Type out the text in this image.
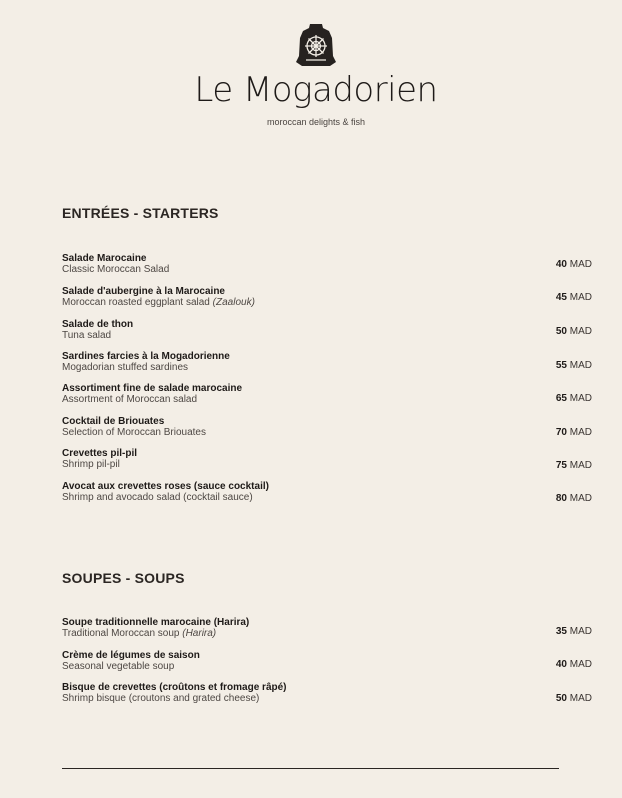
Le Mogadorien
moroccan delights & fish
ENTRÉES - STARTERS
Salade Marocaine
Classic Moroccan Salad	40 MAD
Salade d'aubergine à la Marocaine
Moroccan roasted eggplant salad (Zaalouk)	45 MAD
Salade de thon
Tuna salad	50 MAD
Sardines farcies à la Mogadorienne
Mogadorian stuffed sardines	55 MAD
Assortiment fine de salade marocaine
Assortment of Moroccan salad	65 MAD
Cocktail de Briouates
Selection of Moroccan Briouates	70 MAD
Crevettes pil-pil
Shrimp pil-pil	75 MAD
Avocat aux crevettes roses (sauce cocktail)
Shrimp and avocado salad (cocktail sauce)	80 MAD
SOUPES - SOUPS
Soupe traditionnelle marocaine (Harira)
Traditional Moroccan soup (Harira)	35 MAD
Crème de légumes de saison
Seasonal vegetable soup	40 MAD
Bisque de crevettes (croûtons et fromage râpé)
Shrimp bisque (croutons and grated cheese)	50 MAD
